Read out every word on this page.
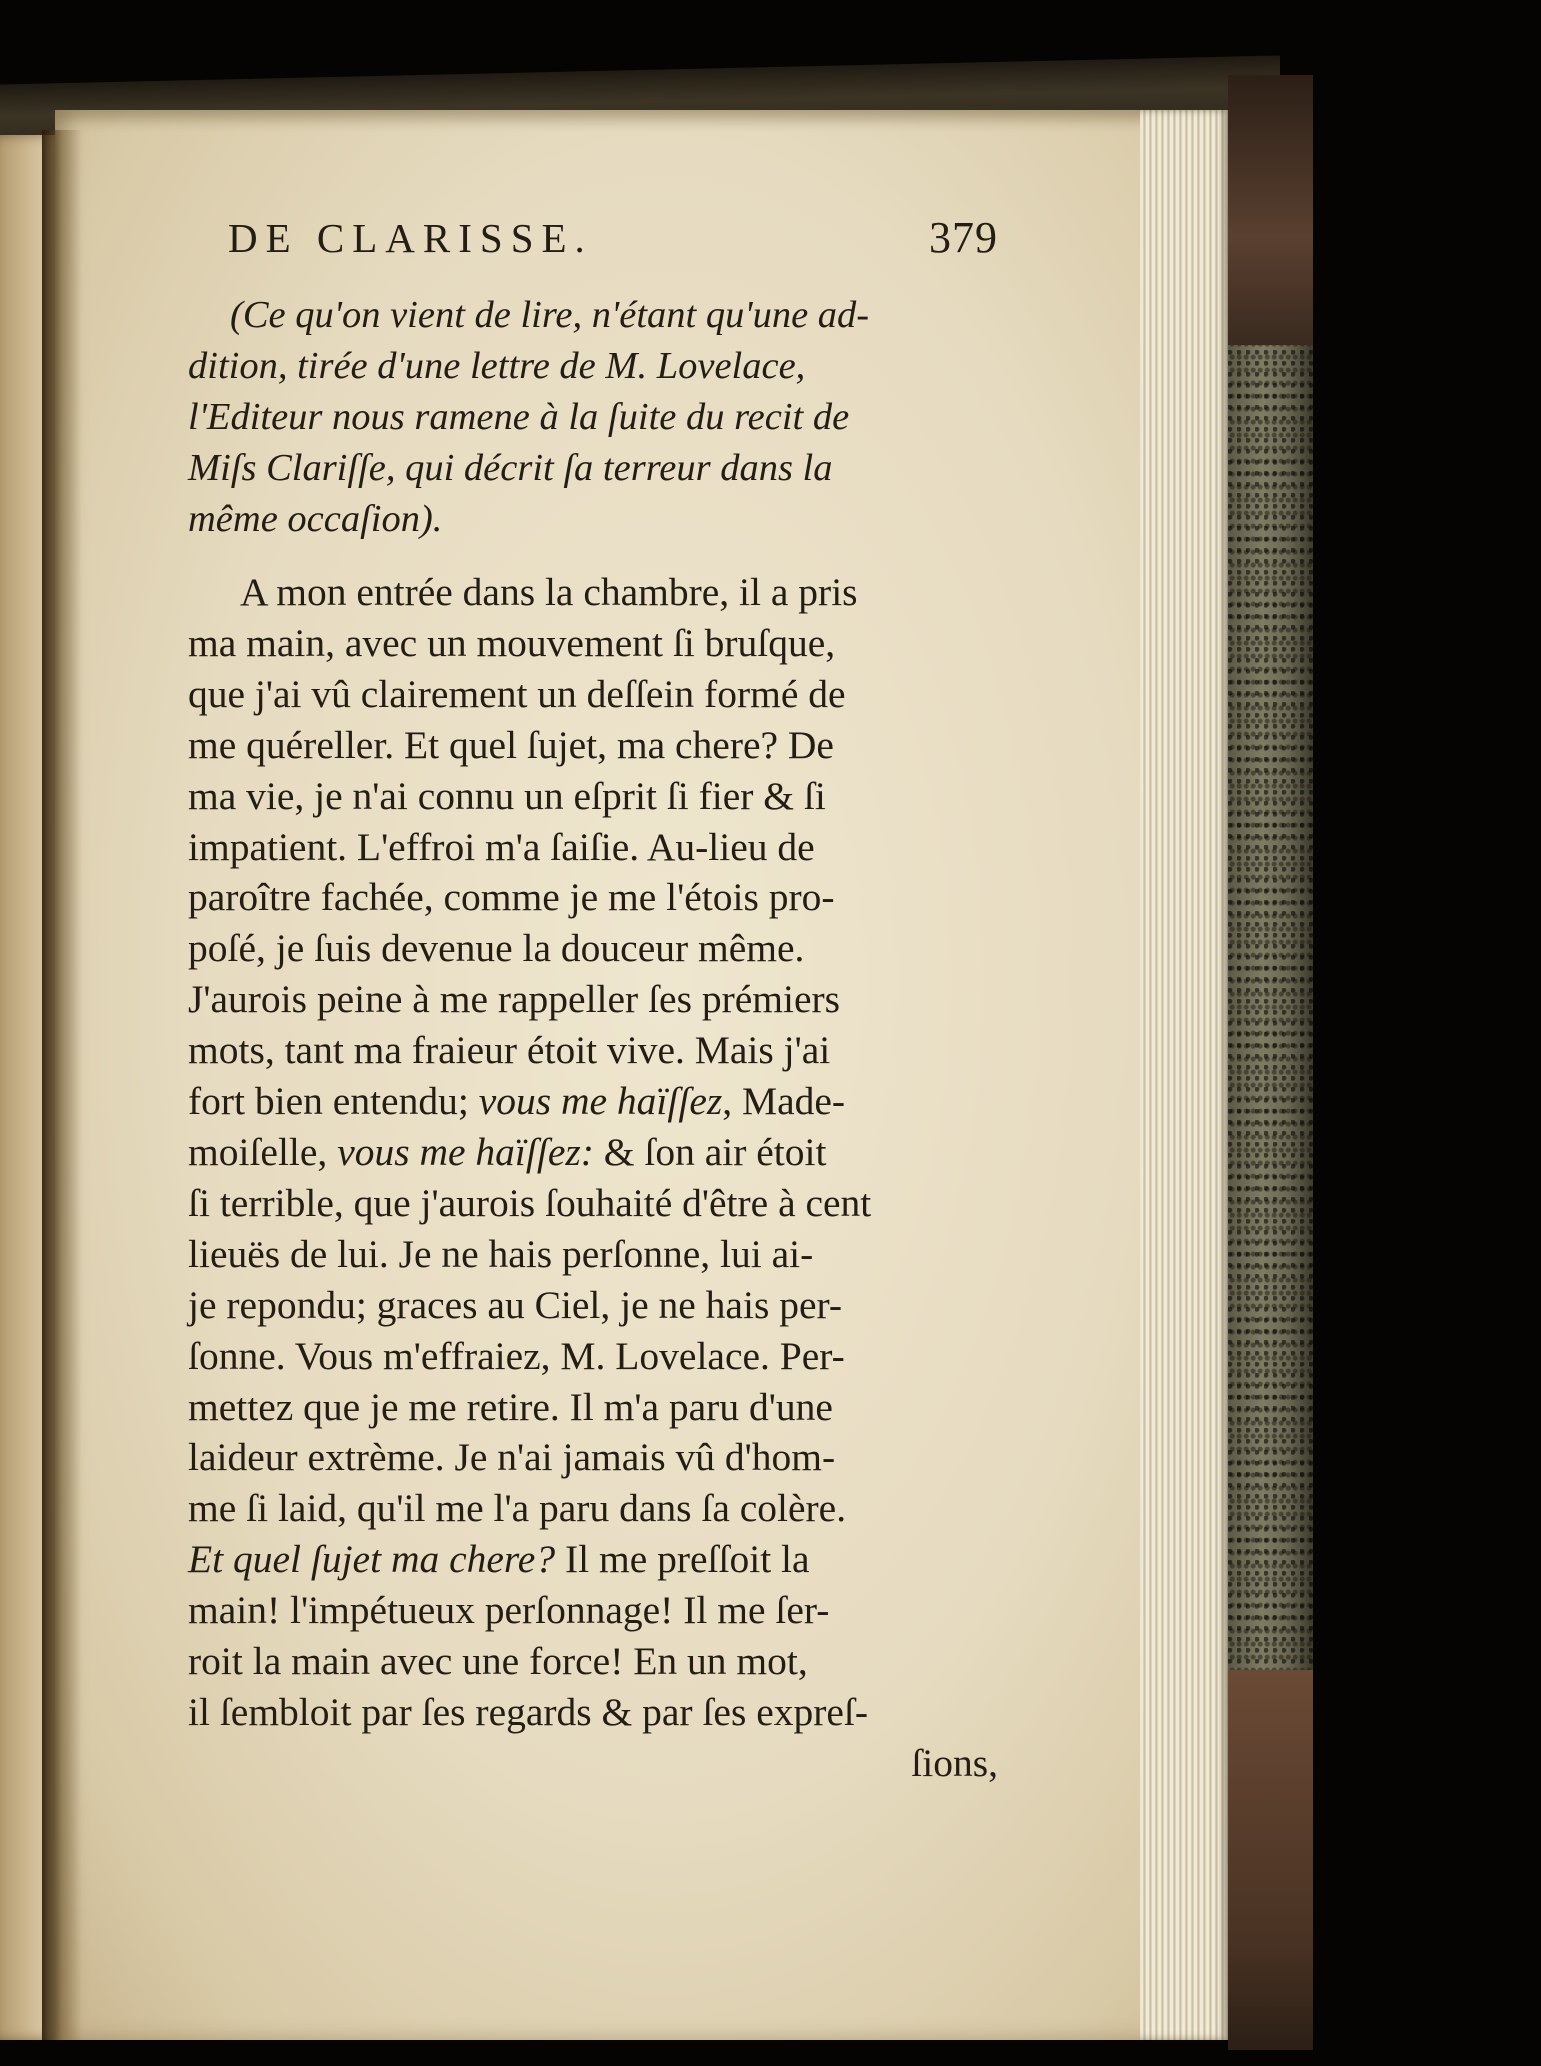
DE CLARISSE.	379

(Ce qu'on vient de lire, n'étant qu'une ad-
dition, tirée d'une lettre de M. Lovelace,
l'Editeur nous ramene à la ſuite du recit de
Miſs Clariſſe, qui décrit ſa terreur dans la
même occaſion).

A mon entrée dans la chambre, il a pris
ma main, avec un mouvement ſi bruſque,
que j'ai vû clairement un deſſein formé de
me quéreller. Et quel ſujet, ma chere? De
ma vie, je n'ai connu un eſprit ſi fier & ſi
impatient. L'effroi m'a ſaiſie. Au-lieu de
paroître fachée, comme je me l'étois pro-
poſé, je ſuis devenue la douceur même.
J'aurois peine à me rappeller ſes prémiers
mots, tant ma fraieur étoit vive. Mais j'ai
fort bien entendu; vous me haïſſez, Made-
moiſelle, vous me haïſſez: & ſon air étoit
ſi terrible, que j'aurois ſouhaité d'être à cent
lieuës de lui. Je ne hais perſonne, lui ai-
je repondu; graces au Ciel, je ne hais per-
ſonne. Vous m'effraiez, M. Lovelace. Per-
mettez que je me retire. Il m'a paru d'une
laideur extrème. Je n'ai jamais vû d'hom-
me ſi laid, qu'il me l'a paru dans ſa colère.
Et quel ſujet ma chere? Il me preſſoit la
main! l'impétueux perſonnage! Il me ſer-
roit la main avec une force! En un mot,
il ſembloit par ſes regards & par ſes expreſ-
ſions,
